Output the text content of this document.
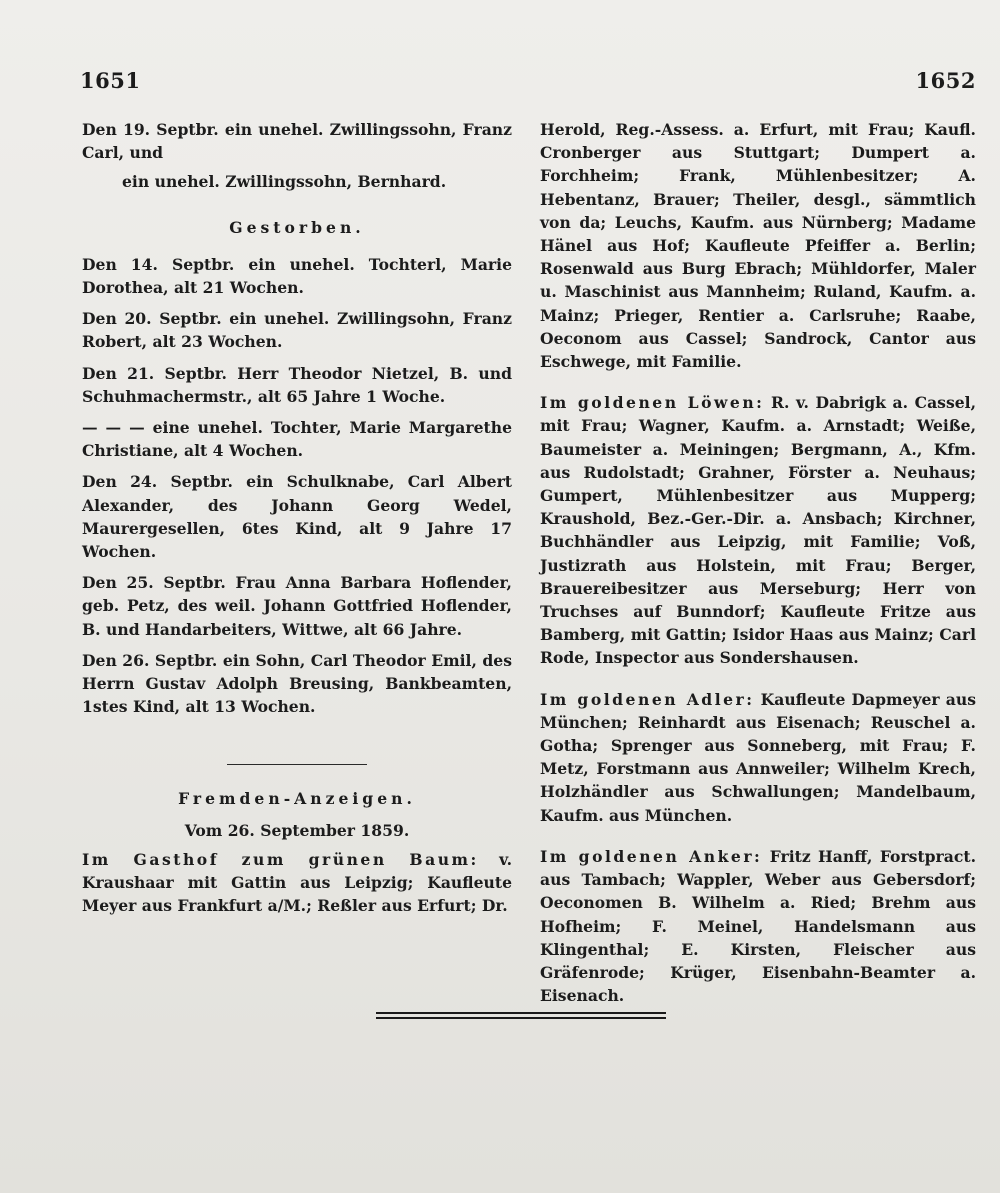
1651	1652

Den 19. Septbr. ein unehel. Zwillingssohn, Franz Carl, und

ein unehel. Zwillingssohn, Bernhard.

Gestorben.

Den 14. Septbr. ein unehel. Tochterl, Marie Dorothea, alt 21 Wochen.

Den 20. Septbr. ein unehel. Zwillingsohn, Franz Robert, alt 23 Wochen.

Den 21. Septbr. Herr Theodor Nietzel, B. und Schuhmachermstr., alt 65 Jahre 1 Woche.

— — — eine unehel. Tochter, Marie Margarethe Christiane, alt 4 Wochen.

Den 24. Septbr. ein Schulknabe, Carl Albert Alexander, des Johann Georg Wedel, Maurergesellen, 6tes Kind, alt 9 Jahre 17 Wochen.

Den 25. Septbr. Frau Anna Barbara Hoflender, geb. Petz, des weil. Johann Gottfried Hoflender, B. und Handarbeiters, Wittwe, alt 66 Jahre.

Den 26. Septbr. ein Sohn, Carl Theodor Emil, des Herrn Gustav Adolph Breusing, Bankbeamten, 1stes Kind, alt 13 Wochen.

Fremden-Anzeigen.

Vom 26. September 1859.

Im Gasthof zum grünen Baum: v. Kraushaar mit Gattin aus Leipzig; Kaufleute Meyer aus Frankfurt a/M.; Reßler aus Erfurt; Dr.

Herold, Reg.-Assess. a. Erfurt, mit Frau; Kaufl. Cronberger aus Stuttgart; Dumpert a. Forchheim; Frank, Mühlenbesitzer; A. Hebentanz, Brauer; Theiler, desgl., sämmtlich von da; Leuchs, Kaufm. aus Nürnberg; Madame Hänel aus Hof; Kaufleute Pfeiffer a. Berlin; Rosenwald aus Burg Ebrach; Mühldorfer, Maler u. Maschinist aus Mannheim; Ruland, Kaufm. a. Mainz; Prieger, Rentier a. Carlsruhe; Raabe, Oeconom aus Cassel; Sandrock, Cantor aus Eschwege, mit Familie.

Im goldenen Löwen: R. v. Dabrigk a. Cassel, mit Frau; Wagner, Kaufm. a. Arnstadt; Weiße, Baumeister a. Meiningen; Bergmann, A., Kfm. aus Rudolstadt; Grahner, Förster a. Neuhaus; Gumpert, Mühlenbesitzer aus Mupperg; Kraushold, Bez.-Ger.-Dir. a. Ansbach; Kirchner, Buchhändler aus Leipzig, mit Familie; Voß, Justizrath aus Holstein, mit Frau; Berger, Brauereibesitzer aus Merseburg; Herr von Truchses auf Bunndorf; Kaufleute Fritze aus Bamberg, mit Gattin; Isidor Haas aus Mainz; Carl Rode, Inspector aus Sondershausen.

Im goldenen Adler: Kaufleute Dapmeyer aus München; Reinhardt aus Eisenach; Reuschel a. Gotha; Sprenger aus Sonneberg, mit Frau; F. Metz, Forstmann aus Annweiler; Wilhelm Krech, Holzhändler aus Schwallungen; Mandelbaum, Kaufm. aus München.

Im goldenen Anker: Fritz Hanff, Forstpract. aus Tambach; Wappler, Weber aus Gebersdorf; Oeconomen B. Wilhelm a. Ried; Brehm aus Hofheim; F. Meinel, Handelsmann aus Klingenthal; E. Kirsten, Fleischer aus Gräfenrode; Krüger, Eisenbahn-Beamter a. Eisenach.
